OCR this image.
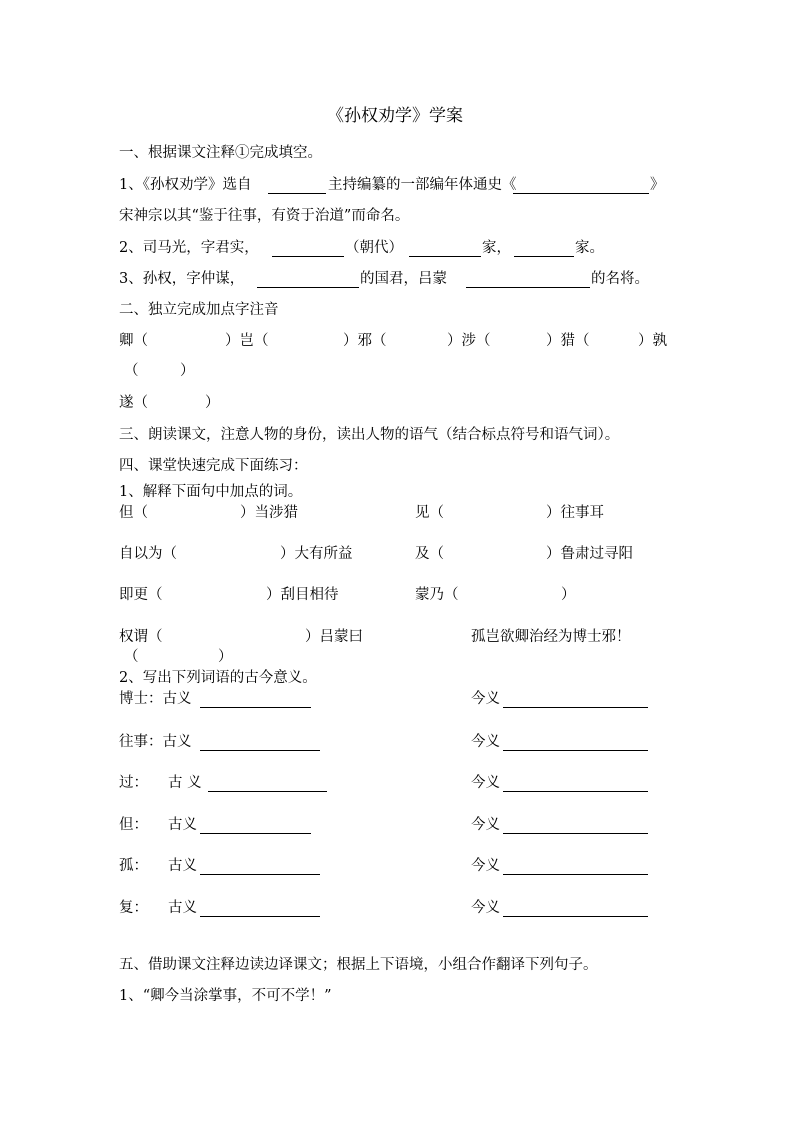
《孙权劝学》学案
一、根据课文注释①完成填空。
1、《孙权劝学》选自	主持编纂的一部编年体通史《	》
宋神宗以其“鉴于往事，有资于治道”而命名。
2、司马光，字君实，	（朝代）	家，	家。
3、孙权，字仲谋，	的国君，吕蒙	的名将。
二、独立完成加点字注音
卿（	）岂（	）邪（	）涉（	）猎（	）孰
（	）
遂（	）
三、朗读课文，注意人物的身份，读出人物的语气（结合标点符号和语气词）。
四、课堂快速完成下面练习：
1、解释下面句中加点的词。
但（	）当涉猎	见（	）往事耳
自以为（	）大有所益	及（	）鲁肃过寻阳
即更（	）刮目相待	蒙乃（	）
权谓（	）吕蒙曰	孤岂欲卿治经为博士邪！
（	）
2、写出下列词语的古今意义。
博士：古义	今义
往事：古义	今义
过： 古 义	今义
但： 古义	今义
孤： 古义	今义
复： 古义	今义
五、借助课文注释边读边译课文；根据上下语境，小组合作翻译下列句子。
1、“卿今当涂掌事，不可不学！”
